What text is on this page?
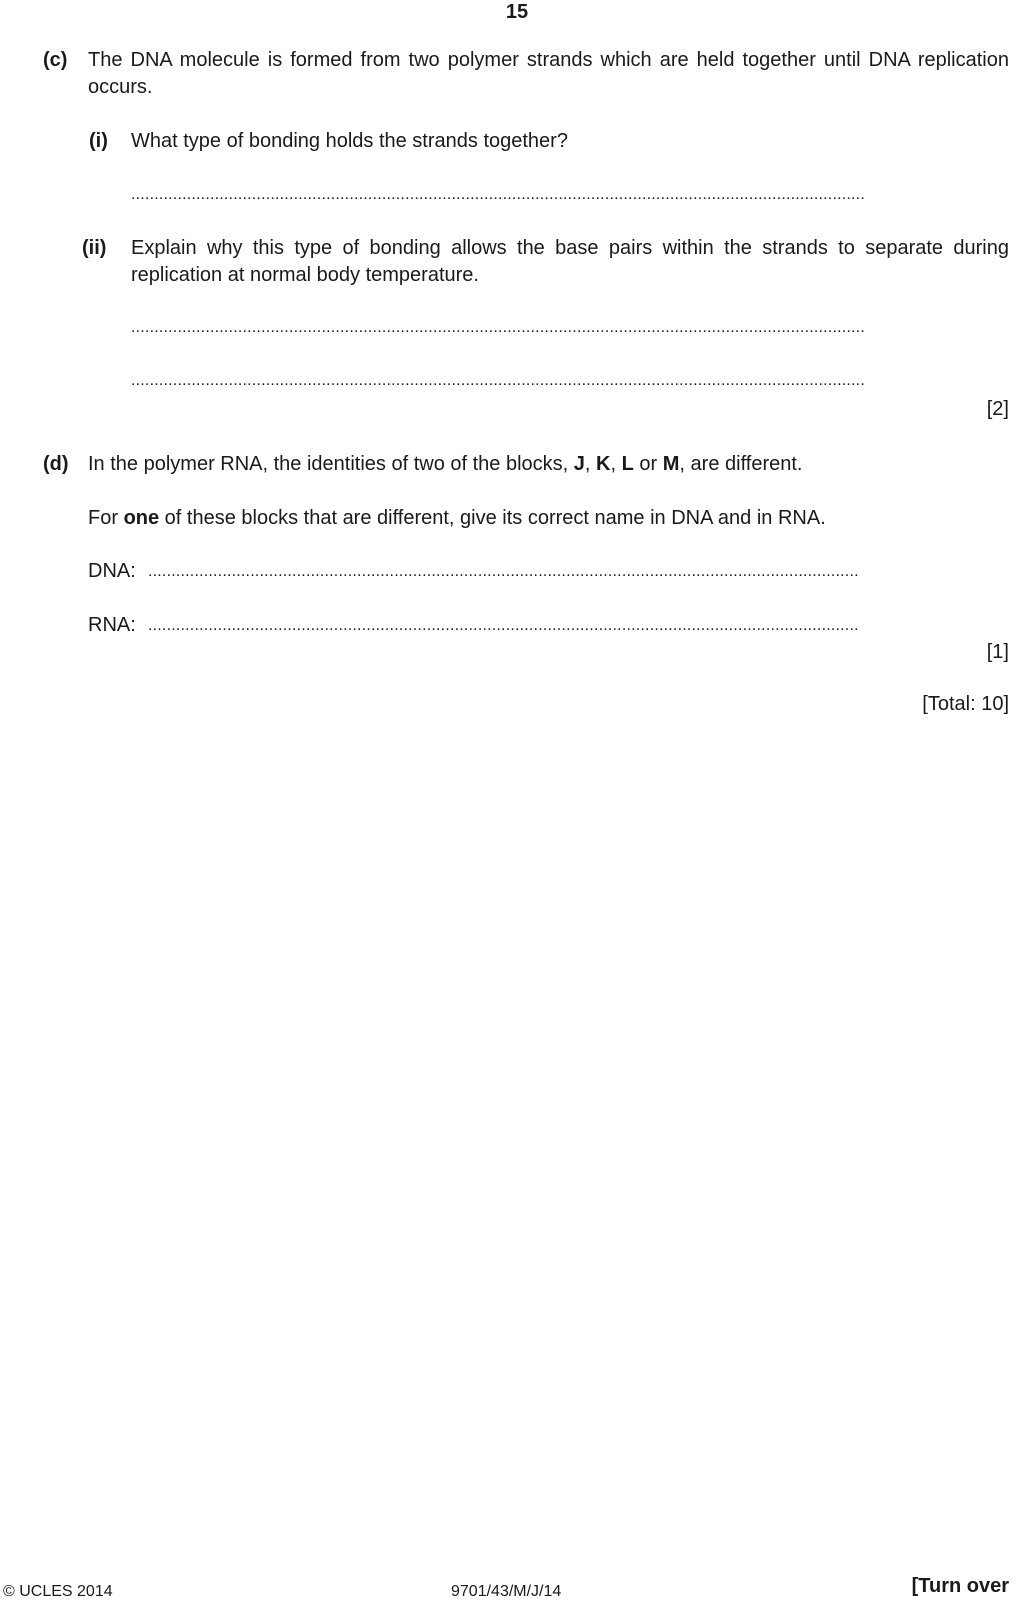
15
(c) The DNA molecule is formed from two polymer strands which are held together until DNA replication occurs.
(i) What type of bonding holds the strands together?
..............................................................................................................................................................
(ii) Explain why this type of bonding allows the base pairs within the strands to separate during replication at normal body temperature.
..............................................................................................................................................................
..............................................................................................................................................................
[2]
(d) In the polymer RNA, the identities of two of the blocks, J, K, L or M, are different.
For one of these blocks that are different, give its correct name in DNA and in RNA.
DNA: .........................................................................................................................................................
RNA: .........................................................................................................................................................
[1]
[Total: 10]
© UCLES 2014	9701/43/M/J/14	[Turn over
